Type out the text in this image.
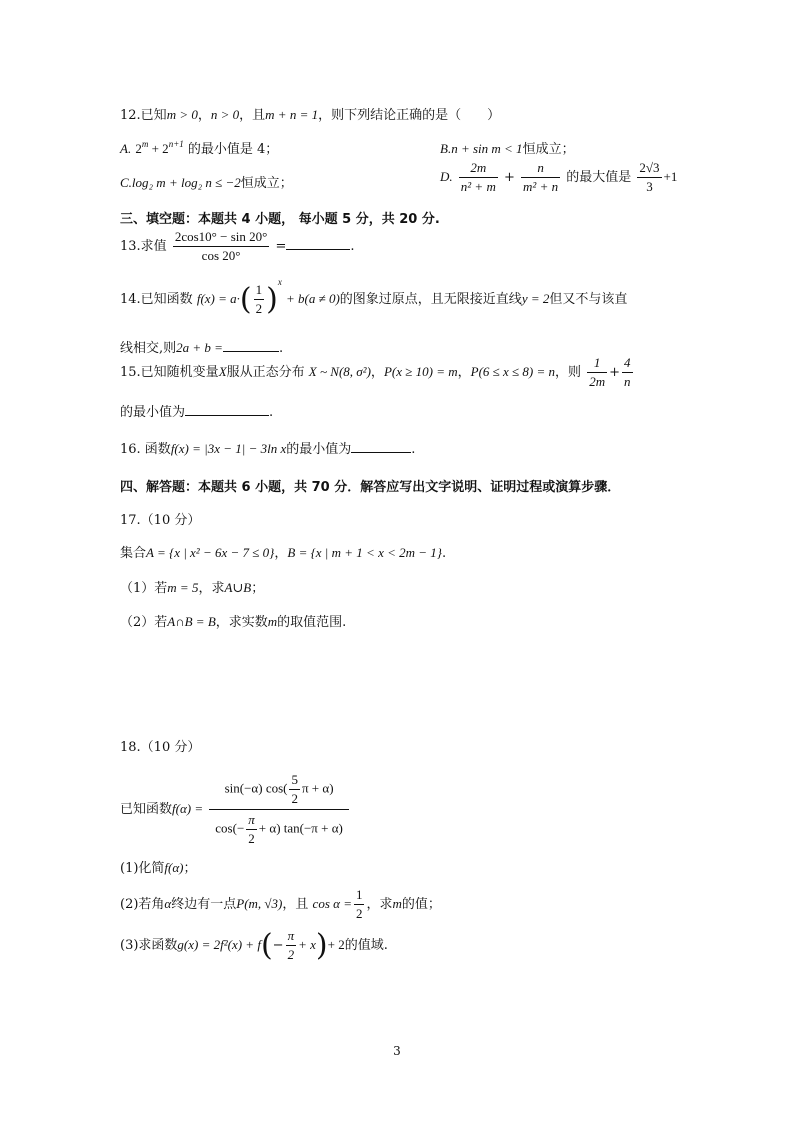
12.已知m > 0，n > 0，且m + n = 1，则下列结论正确的是（　　）
A. $2^m + 2^{n+1}$ 的最小值是 4；	B.n + sin m < 1恒成立；
C.log₂ m + log₂ n ≤ −2恒成立；	D. $\frac{2m}{\text{n² + m}} + \frac{n}{\text{m² + n}}$ 的最大值是 $\frac{2√3}{3} +1$
三、填空题：本题共 4 小题， 每小题 5 分，共 20 分.
13.求值 $\frac{2\cos 10^\circ - \sin 20^\circ}{\cos 20^\circ}$ =	.
14.已知函数 $f(x) = a\cdot( \frac{1}{2} )^x + b(a \ne 0)$的图象过原点，且无限接近直线y = 2但又不与该直
线相交,则2a + b =	.
15.已知随机变量X服从正态分布 X ~ N(8, σ²)，P(x ≥ 10) = m，P(6 ≤ x ≤ 8) = n，则 $\frac{1}{2m} + \frac{4}{n}$
的最小值为	.
16. 函数f(x) = |3x − 1| − 3ln x的最小值为	.
四、解答题：本题共 6 小题，共 70 分．解答应写出文字说明、证明过程或演算步骤．
17.（10 分）
集合A = {x | x² − 6x − 7 ≤ 0}，B = {x | m + 1 < x < 2m − 1}.
（1）若m = 5，求A∪B；
（2）若A∩B = B，求实数m的取值范围.
18.（10 分）
已知函数$f(\alpha) = \frac{\sin(-\alpha) \cos( \frac{5}{2} \pi + \alpha)}{\cos(- \frac{\pi}{2} + \alpha) \tan(-\pi + \alpha)}$
(1)化简f(α)；
(2)若角α终边有一点P(m, √3)，且 $\cos \alpha = \frac{1}{2}$ ，求m的值；
(3)求函数$g(x) = 2f^2(x) + f(- \frac{\pi}{2} + x)+ 2$的值域.
3
